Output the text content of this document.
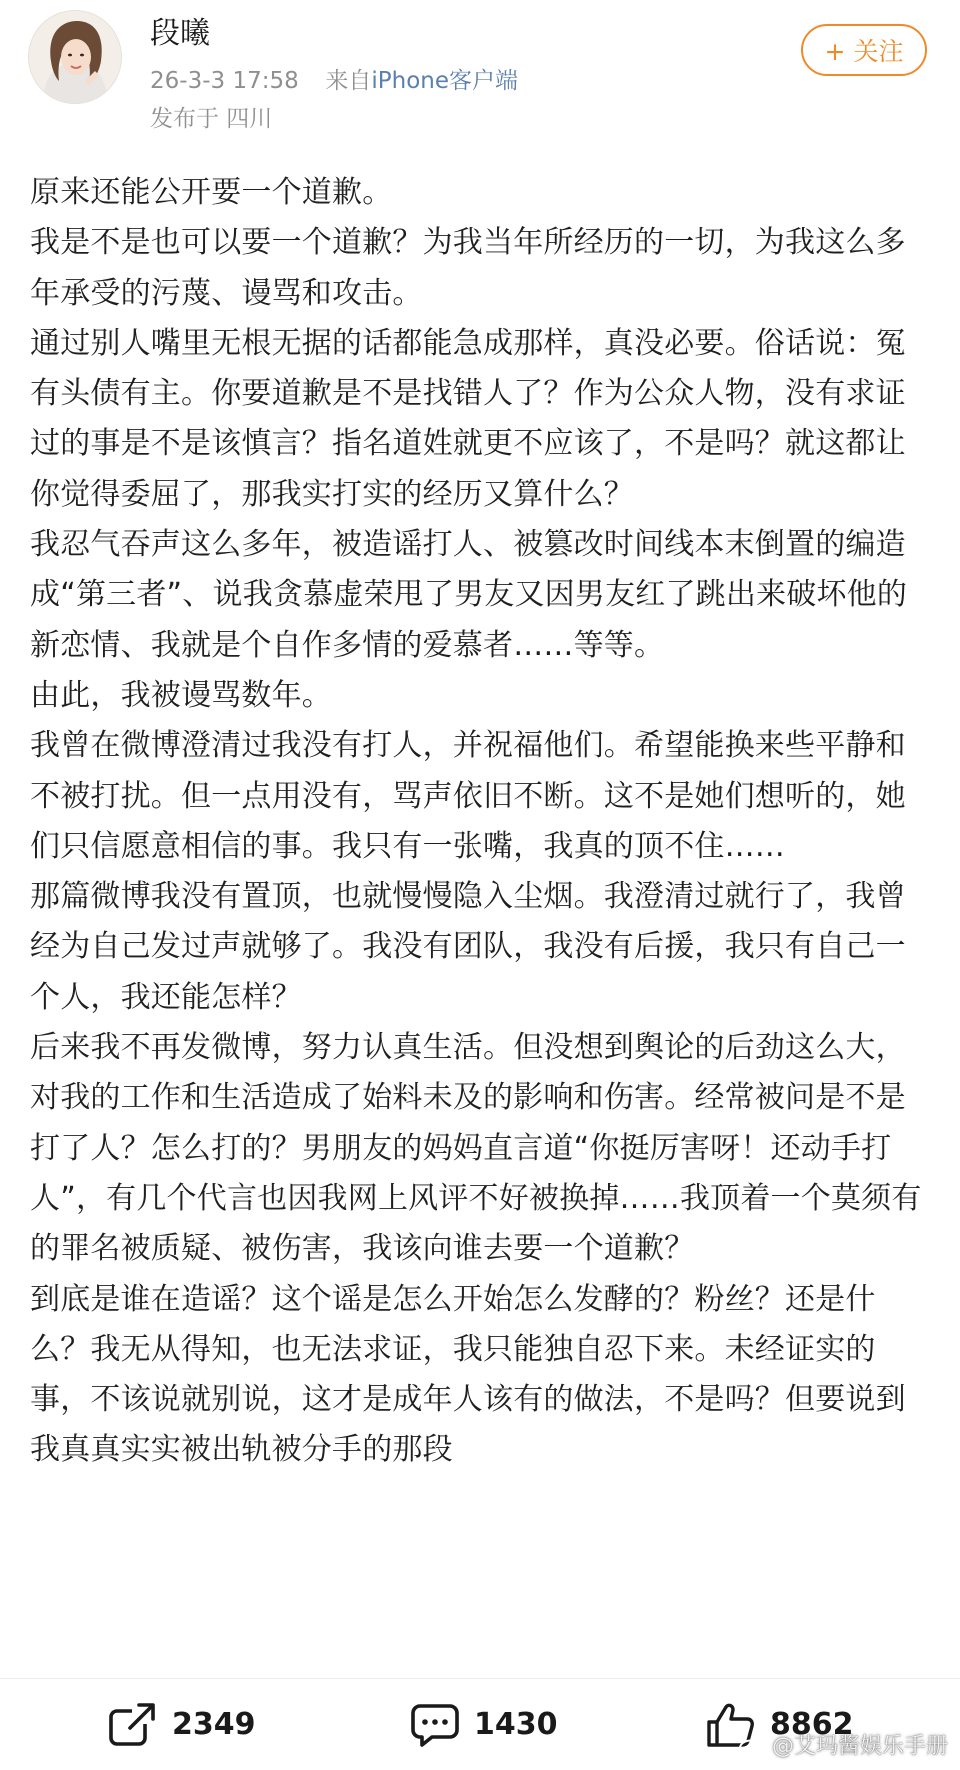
段曦
26-3-3 17:58 来自iPhone客户端
发布于 四川
+ 关注

原来还能公开要一个道歉。

我是不是也可以要一个道歉？为我当年所经历的一切，为我这么多年承受的污蔑、谩骂和攻击。

通过别人嘴里无根无据的话都能急成那样，真没必要。俗话说：冤有头债有主。你要道歉是不是找错人了？作为公众人物，没有求证过的事是不是该慎言？指名道姓就更不应该了，不是吗？就这都让你觉得委屈了，那我实打实的经历又算什么？

我忍气吞声这么多年，被造谣打人、被篡改时间线本末倒置的编造成“第三者”、说我贪慕虚荣甩了男友又因男友红了跳出来破坏他的新恋情、我就是个自作多情的爱慕者……等等。

由此，我被谩骂数年。

我曾在微博澄清过我没有打人，并祝福他们。希望能换来些平静和不被打扰。但一点用没有，骂声依旧不断。这不是她们想听的，她们只信愿意相信的事。我只有一张嘴，我真的顶不住……

那篇微博我没有置顶，也就慢慢隐入尘烟。我澄清过就行了，我曾经为自己发过声就够了。我没有团队，我没有后援，我只有自己一个人，我还能怎样？

后来我不再发微博，努力认真生活。但没想到舆论的后劲这么大，对我的工作和生活造成了始料未及的影响和伤害。经常被问是不是打了人？怎么打的？男朋友的妈妈直言道“你挺厉害呀！还动手打人”，有几个代言也因我网上风评不好被换掉……我顶着一个莫须有的罪名被质疑、被伤害，我该向谁去要一个道歉？

到底是谁在造谣？这个谣是怎么开始怎么发酵的？粉丝？还是什么？我无从得知，也无法求证，我只能独自忍下来。未经证实的事，不该说就别说，这才是成年人该有的做法，不是吗？但要说到我真真实实被出轨被分手的那段

2349	1430	8862
@艾玛酱娱乐手册
